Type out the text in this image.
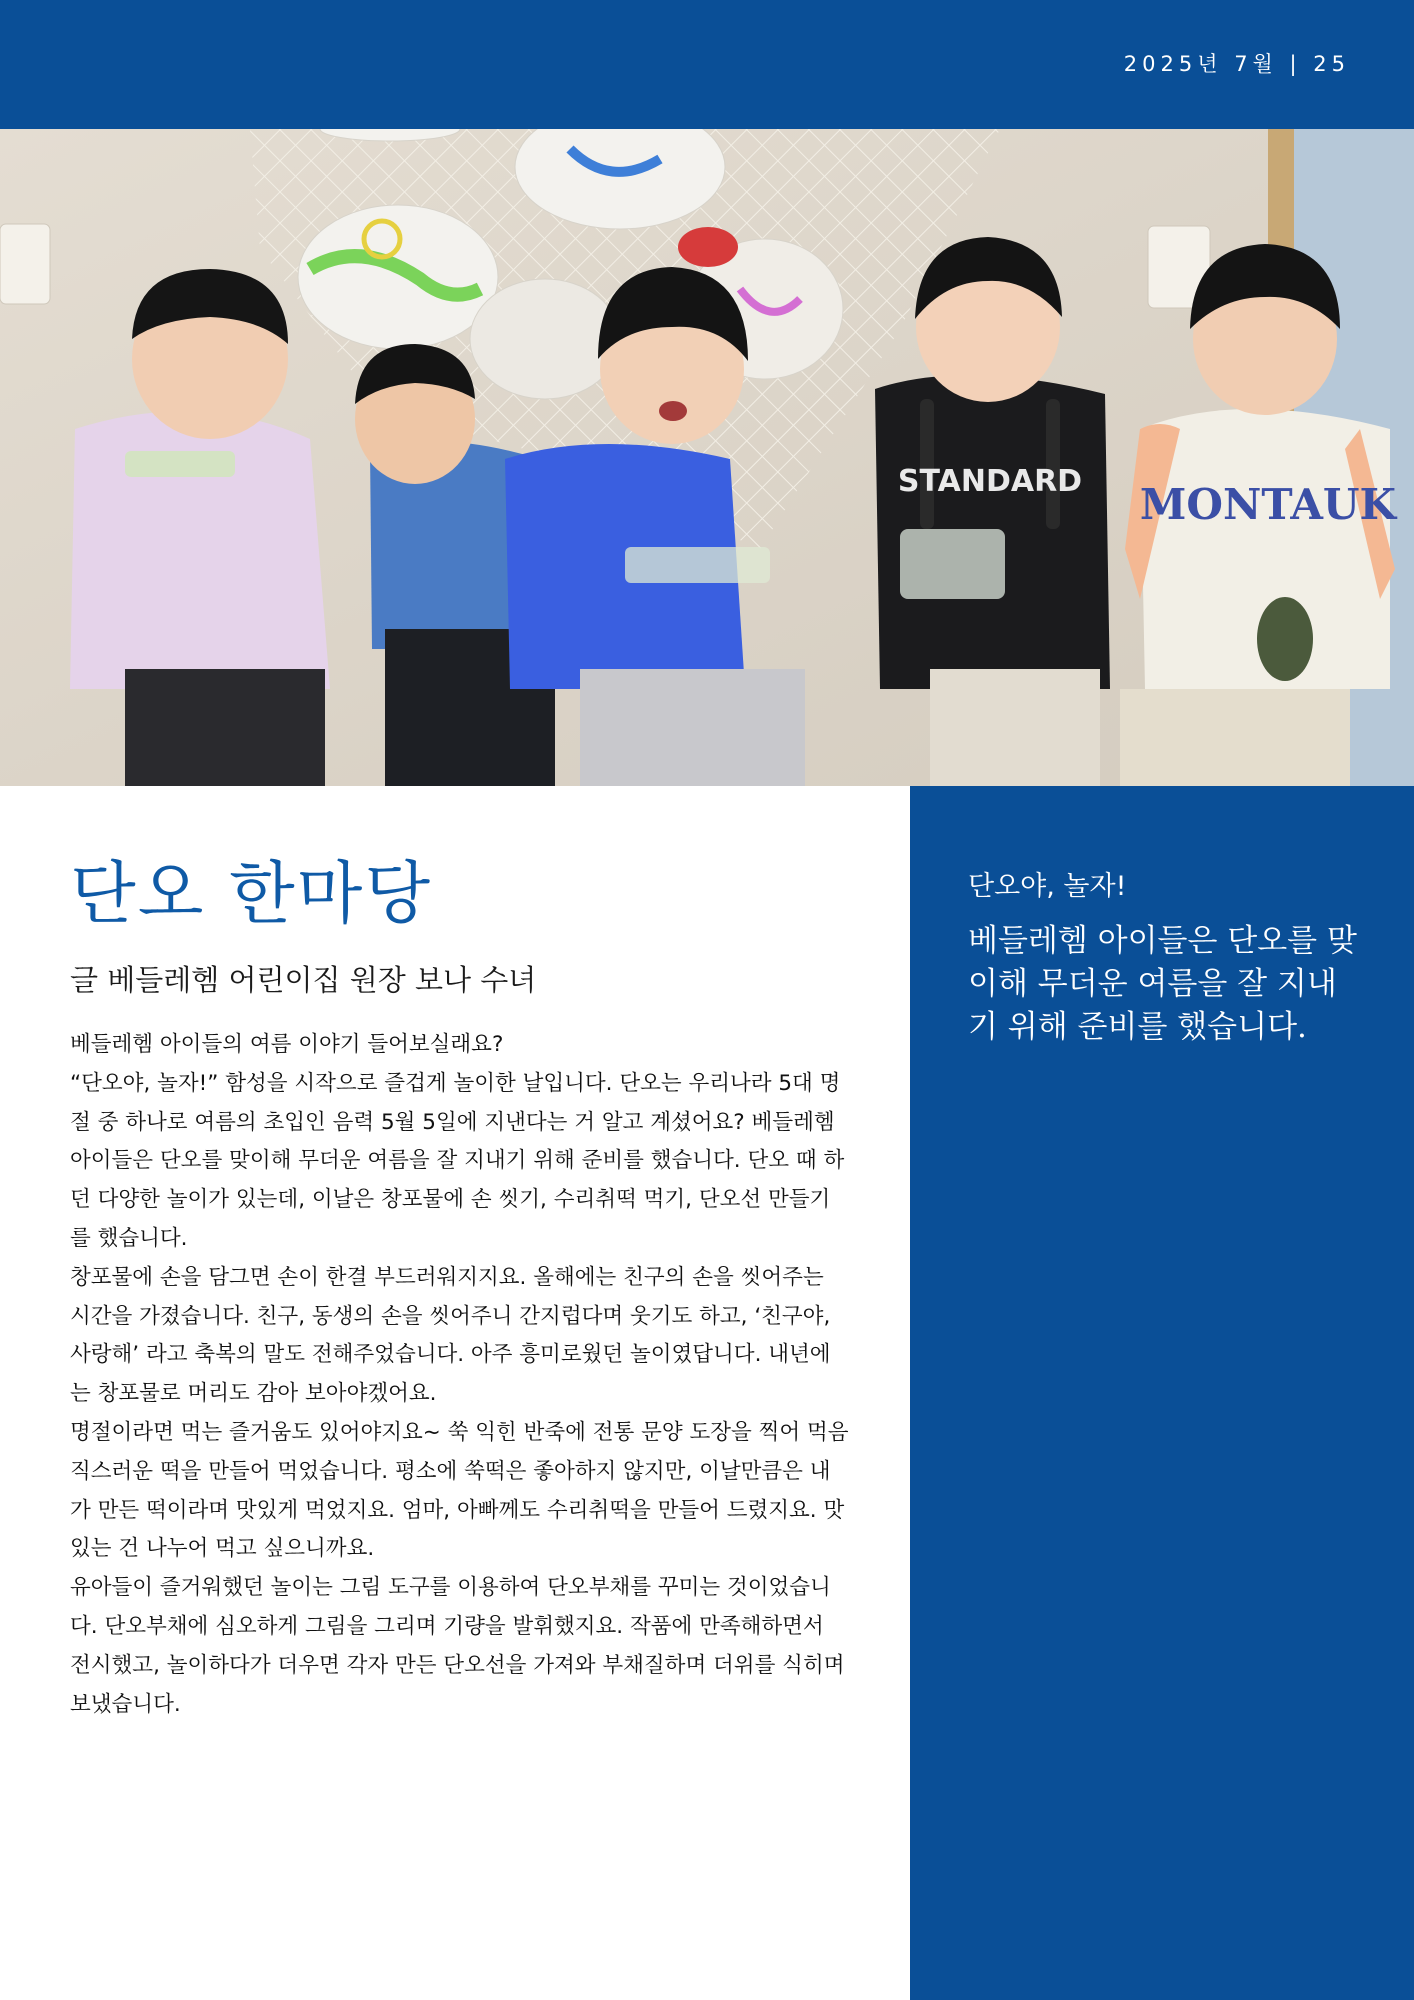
2025년 7월 | 25
STANDARD MONTAUK
단오 한마당
글 베들레헴 어린이집 원장 보나 수녀

베들레헴 아이들의 여름 이야기 들어보실래요?

“단오야, 놀자!” 함성을 시작으로 즐겁게 놀이한 날입니다. 단오는 우리나라 5대 명절 중 하나로 여름의 초입인 음력 5월 5일에 지낸다는 거 알고 계셨어요? 베들레헴 아이들은 단오를 맞이해 무더운 여름을 잘 지내기 위해 준비를 했습니다. 단오 때 하던 다양한 놀이가 있는데, 이날은 창포물에 손 씻기, 수리취떡 먹기, 단오선 만들기를 했습니다.

창포물에 손을 담그면 손이 한결 부드러워지지요. 올해에는 친구의 손을 씻어주는 시간을 가졌습니다. 친구, 동생의 손을 씻어주니 간지럽다며 웃기도 하고, ‘친구야, 사랑해’ 라고 축복의 말도 전해주었습니다. 아주 흥미로웠던 놀이였답니다. 내년에는 창포물로 머리도 감아 보아야겠어요.

명절이라면 먹는 즐거움도 있어야지요~ 쑥 익힌 반죽에 전통 문양 도장을 찍어 먹음직스러운 떡을 만들어 먹었습니다. 평소에 쑥떡은 좋아하지 않지만, 이날만큼은 내가 만든 떡이라며 맛있게 먹었지요. 엄마, 아빠께도 수리취떡을 만들어 드렸지요. 맛있는 건 나누어 먹고 싶으니까요.

유아들이 즐거워했던 놀이는 그림 도구를 이용하여 단오부채를 꾸미는 것이었습니다. 단오부채에 심오하게 그림을 그리며 기량을 발휘했지요. 작품에 만족해하면서 전시했고, 놀이하다가 더우면 각자 만든 단오선을 가져와 부채질하며 더위를 식히며 보냈습니다.

단오야, 놀자!
베들레헴 아이들은 단오를 맞이해 무더운 여름을 잘 지내기 위해 준비를 했습니다.
